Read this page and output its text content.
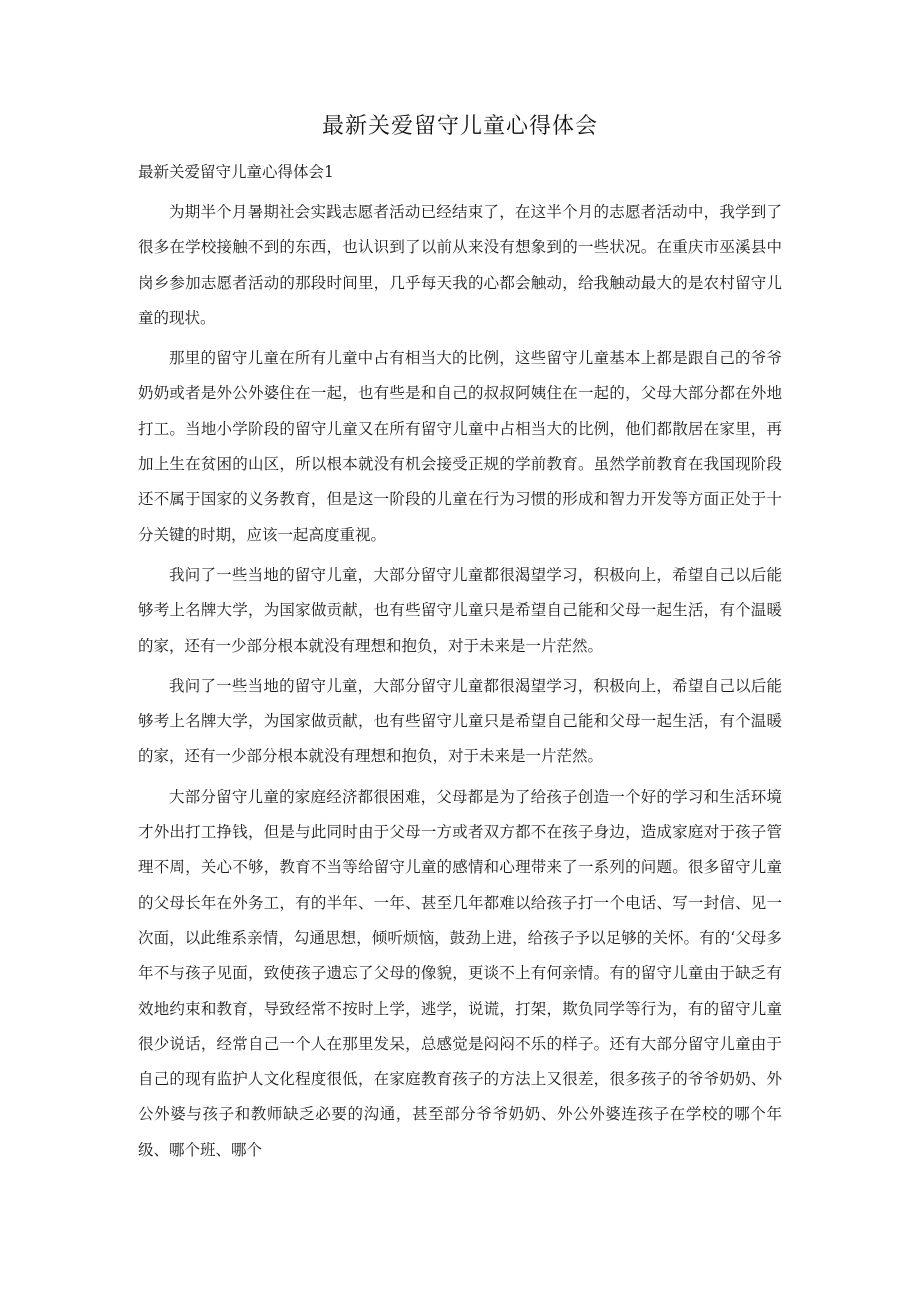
最新关爱留守儿童心得体会
最新关爱留守儿童心得体会1

为期半个月暑期社会实践志愿者活动已经结束了，在这半个月的志愿者活动中，我学到了很多在学校接触不到的东西，也认识到了以前从来没有想象到的一些状况。在重庆市巫溪县中岗乡参加志愿者活动的那段时间里，几乎每天我的心都会触动，给我触动最大的是农村留守儿童的现状。

那里的留守儿童在所有儿童中占有相当大的比例，这些留守儿童基本上都是跟自己的爷爷奶奶或者是外公外婆住在一起，也有些是和自己的叔叔阿姨住在一起的，父母大部分都在外地打工。当地小学阶段的留守儿童又在所有留守儿童中占相当大的比例，他们都散居在家里，再加上生在贫困的山区，所以根本就没有机会接受正规的学前教育。虽然学前教育在我国现阶段还不属于国家的义务教育，但是这一阶段的儿童在行为习惯的形成和智力开发等方面正处于十分关键的时期，应该一起高度重视。

我问了一些当地的留守儿童，大部分留守儿童都很渴望学习，积极向上，希望自己以后能够考上名牌大学，为国家做贡献，也有些留守儿童只是希望自己能和父母一起生活，有个温暖的家，还有一少部分根本就没有理想和抱负，对于未来是一片茫然。

我问了一些当地的留守儿童，大部分留守儿童都很渴望学习，积极向上，希望自己以后能够考上名牌大学，为国家做贡献，也有些留守儿童只是希望自己能和父母一起生活，有个温暖的家，还有一少部分根本就没有理想和抱负，对于未来是一片茫然。

大部分留守儿童的家庭经济都很困难，父母都是为了给孩子创造一个好的学习和生活环境才外出打工挣钱，但是与此同时由于父母一方或者双方都不在孩子身边，造成家庭对于孩子管理不周，关心不够，教育不当等给留守儿童的感情和心理带来了一系列的问题。很多留守儿童的父母长年在外务工，有的半年、一年、甚至几年都难以给孩子打一个电话、写一封信、见一次面，以此维系亲情，勾通思想，倾听烦恼，鼓劲上进，给孩子予以足够的关怀。有的‘父母多年不与孩子见面，致使孩子遗忘了父母的像貌，更谈不上有何亲情。有的留守儿童由于缺乏有效地约束和教育，导致经常不按时上学，逃学，说谎，打架，欺负同学等行为，有的留守儿童很少说话，经常自己一个人在那里发呆，总感觉是闷闷不乐的样子。还有大部分留守儿童由于自己的现有监护人文化程度很低，在家庭教育孩子的方法上又很差，很多孩子的爷爷奶奶、外公外婆与孩子和教师缺乏必要的沟通，甚至部分爷爷奶奶、外公外婆连孩子在学校的哪个年级、哪个班、哪个
